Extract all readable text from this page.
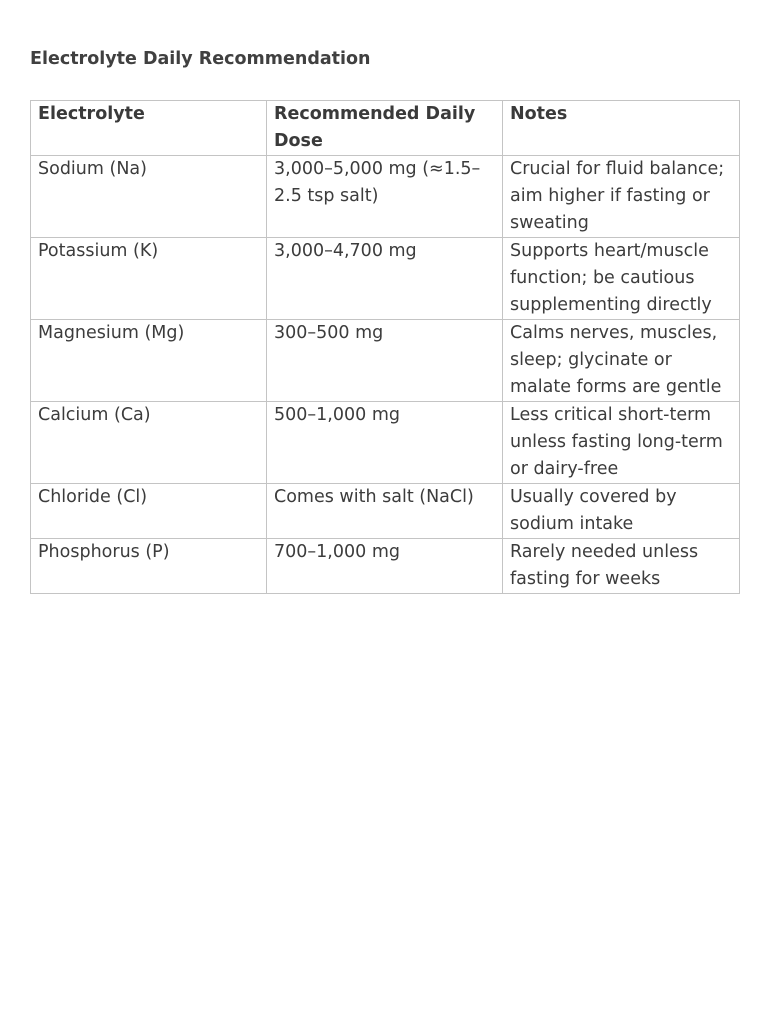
Electrolyte Daily Recommendation
Electrolyte	Recommended Daily Dose	Notes
Sodium (Na)	3,000–5,000 mg (≈1.5–2.5 tsp salt)	Crucial for fluid balance; aim higher if fasting or sweating
Potassium (K)	3,000–4,700 mg	Supports heart/muscle function; be cautious supplementing directly
Magnesium (Mg)	300–500 mg	Calms nerves, muscles, sleep; glycinate or malate forms are gentle
Calcium (Ca)	500–1,000 mg	Less critical short-term unless fasting long-term or dairy-free
Chloride (Cl)	Comes with salt (NaCl)	Usually covered by sodium intake
Phosphorus (P)	700–1,000 mg	Rarely needed unless fasting for weeks
